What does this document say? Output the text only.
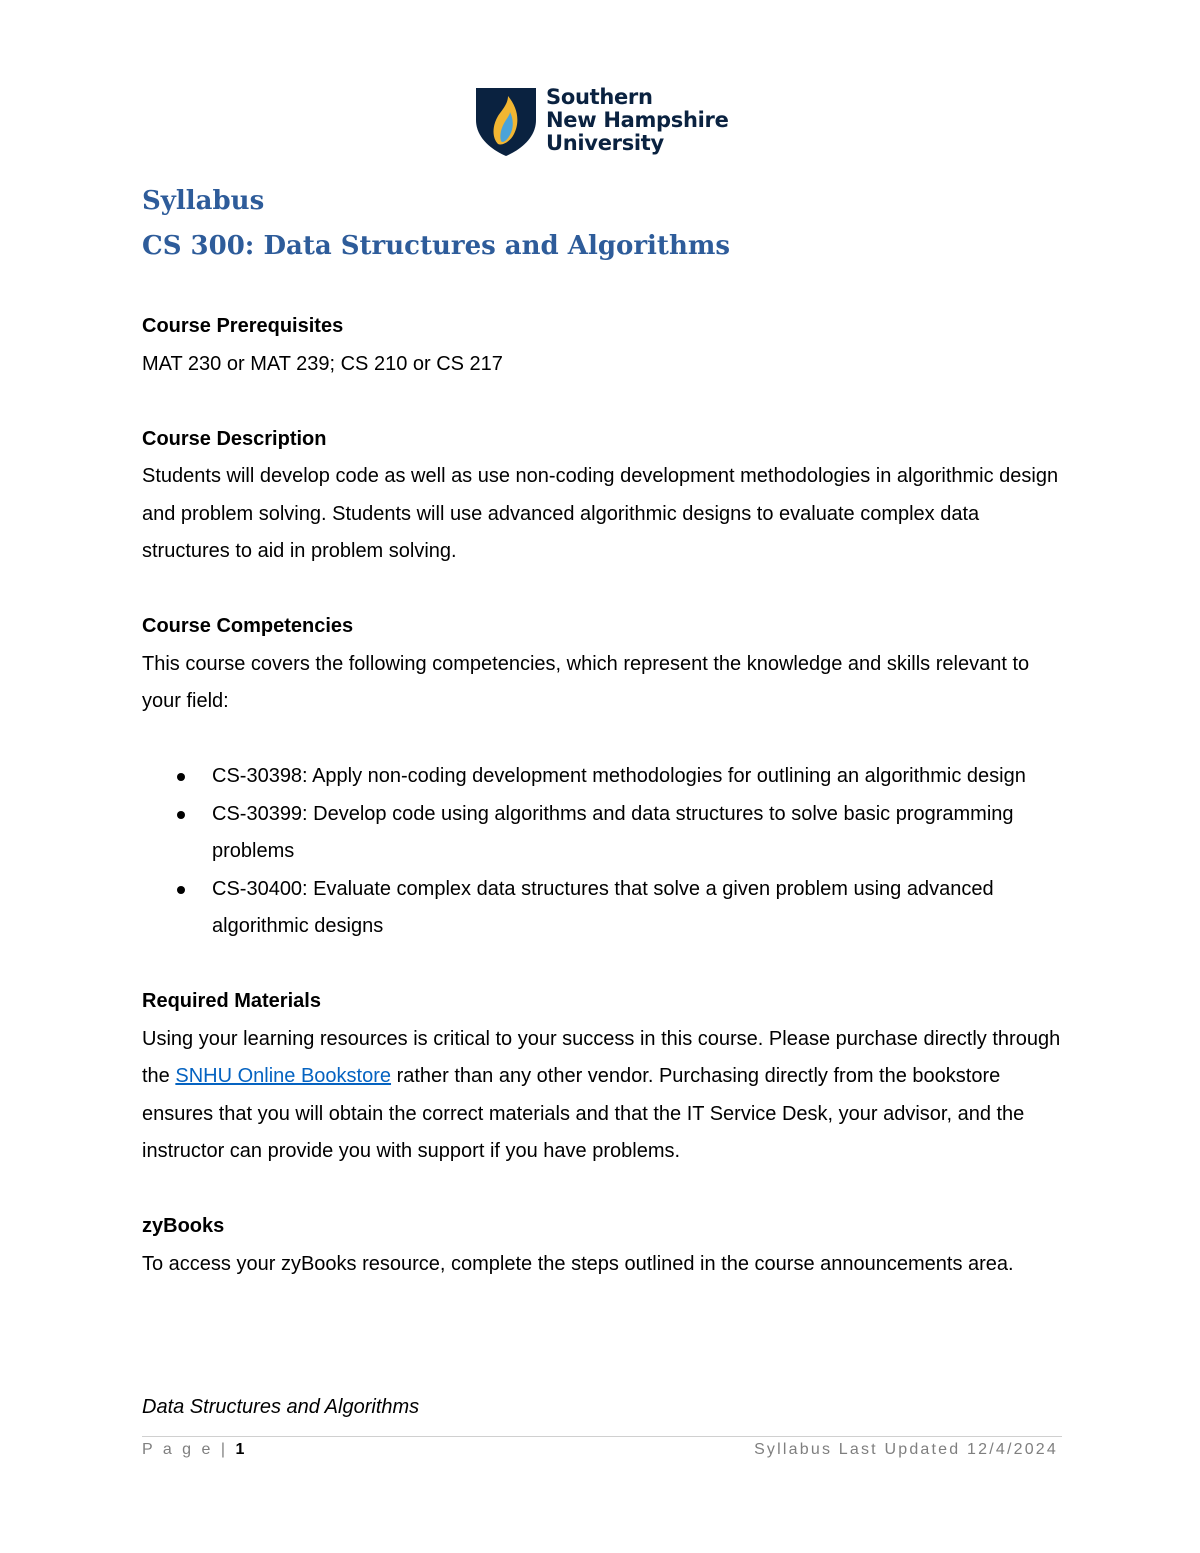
Southern
New Hampshire
University
Syllabus
CS 300: Data Structures and Algorithms

Course Prerequisites

MAT 230 or MAT 239; CS 210 or CS 217

Course Description

Students will develop code as well as use non-coding development methodologies in algorithmic design and problem solving. Students will use advanced algorithmic designs to evaluate complex data structures to aid in problem solving.

Course Competencies

This course covers the following competencies, which represent the knowledge and skills relevant to your field:

CS-30398: Apply non-coding development methodologies for outlining an algorithmic design
CS-30399: Develop code using algorithms and data structures to solve basic programming problems
CS-30400: Evaluate complex data structures that solve a given problem using advanced algorithmic designs

Required Materials

Using your learning resources is critical to your success in this course. Please purchase directly through the SNHU Online Bookstore rather than any other vendor. Purchasing directly from the bookstore ensures that you will obtain the correct materials and that the IT Service Desk, your advisor, and the instructor can provide you with support if you have problems.

zyBooks

To access your zyBooks resource, complete the steps outlined in the course announcements area.

Data Structures and Algorithms
P a g e | 1	Syllabus Last Updated 12/4/2024
